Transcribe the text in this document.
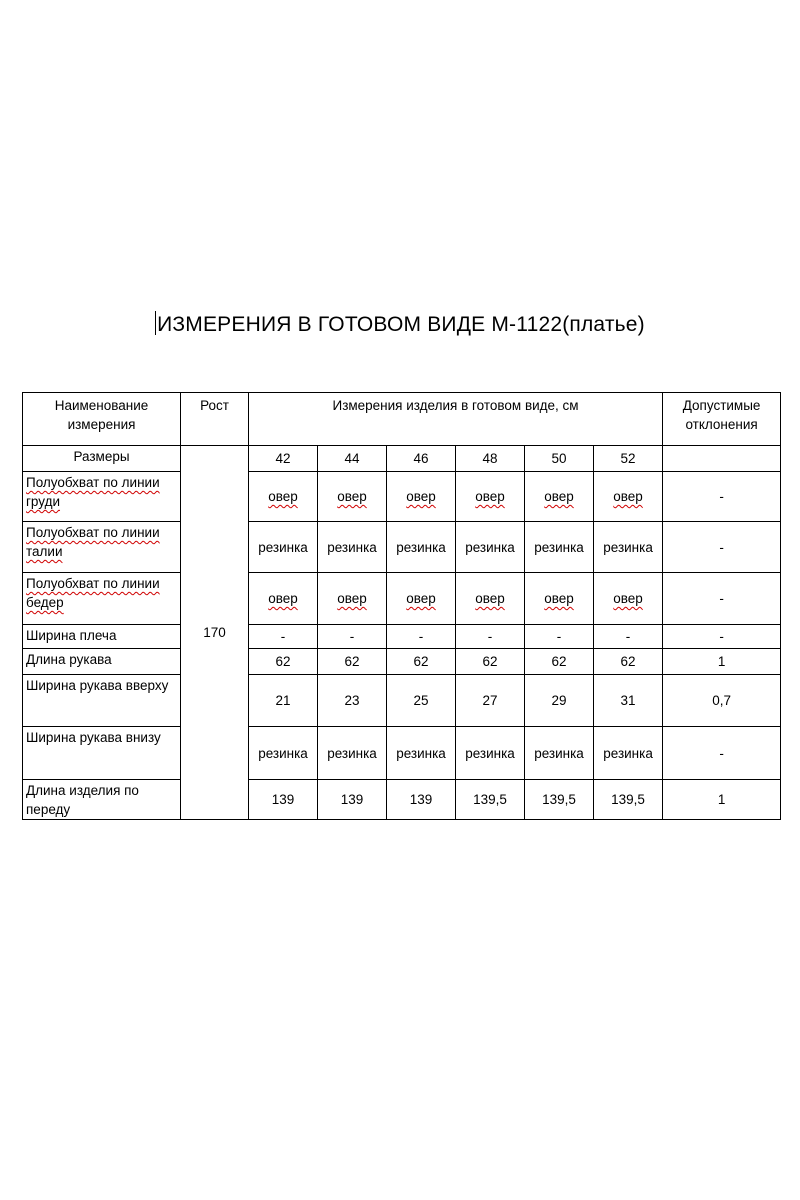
ИЗМЕРЕНИЯ В ГОТОВОМ ВИДЕ М-1122(платье)
Наименование измерения	Рост	Измерения изделия в готовом виде, см						Допустимые отклонения
Размеры	170	42	44	46	48	50	52	
Полуобхват по линии груди		овер	овер	овер	овер	овер	овер	-
Полуобхват по линии талии		резинка	резинка	резинка	резинка	резинка	резинка	-
Полуобхват по линии бедер		овер	овер	овер	овер	овер	овер	-
Ширина плеча		-	-	-	-	-	-	-
Длина рукава		62	62	62	62	62	62	1
Ширина рукава вверху		21	23	25	27	29	31	0,7
Ширина рукава внизу		резинка	резинка	резинка	резинка	резинка	резинка	-
Длина изделия по переду		139	139	139	139,5	139,5	139,5	1
